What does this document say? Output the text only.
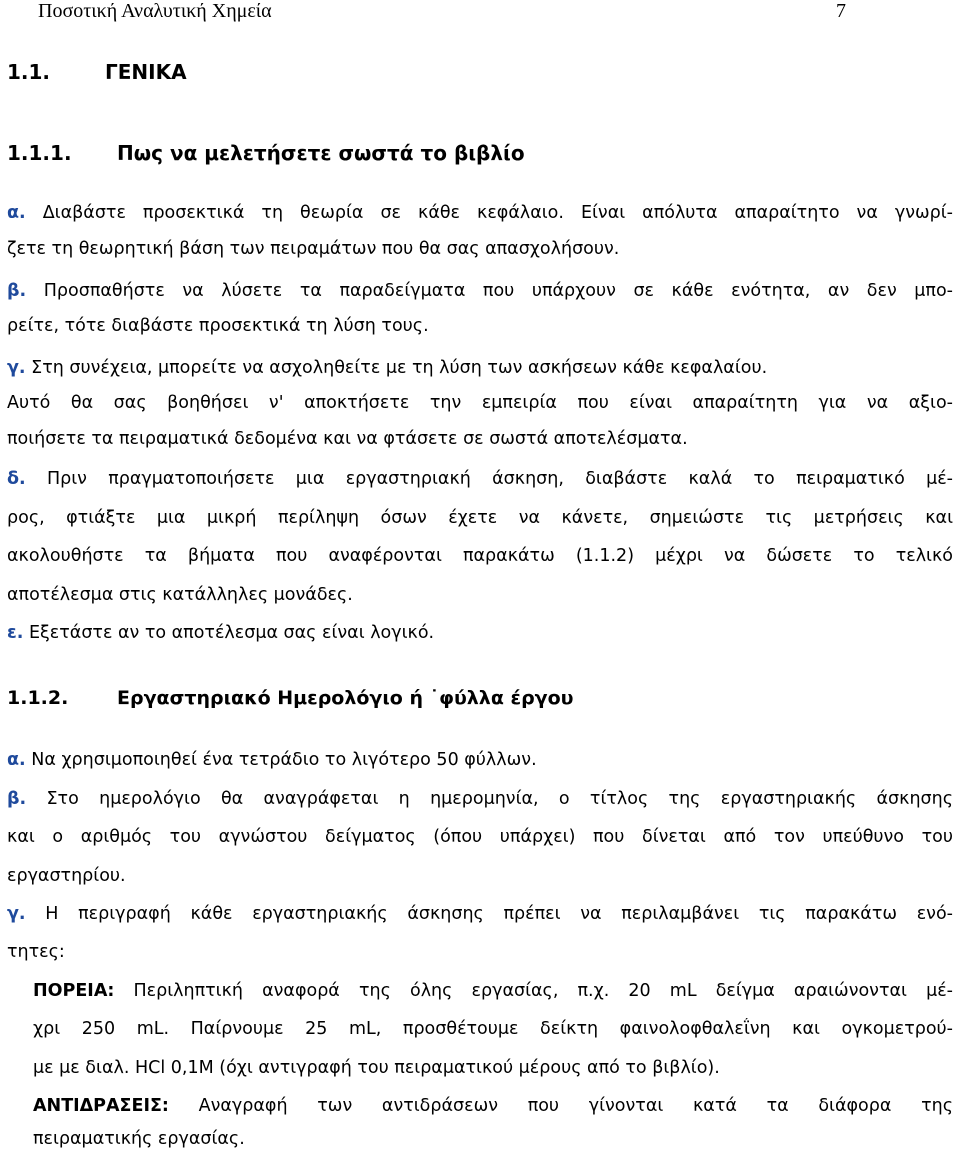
Ποσοτική Αναλυτική Χημεία	7
1.1.	ΓΕΝΙΚΑ
1.1.1. Πως να μελετήσετε σωστά το βιβλίο
α. Διαβάστε προσεκτικά τη θεωρία σε κάθε κεφάλαιο. Είναι απόλυτα απαραίτητο να γνωρί-
ζετε τη θεωρητική βάση των πειραμάτων που θα σας απασχολήσουν.
β. Προσπαθήστε να λύσετε τα παραδείγματα που υπάρχουν σε κάθε ενότητα, αν δεν μπο-
ρείτε, τότε διαβάστε προσεκτικά τη λύση τους.
γ. Στη συνέχεια, μπορείτε να ασχοληθείτε με τη λύση των ασκήσεων κάθε κεφαλαίου.
Αυτό θα σας βοηθήσει ν' αποκτήσετε την εμπειρία που είναι απαραίτητη για να αξιο-
ποιήσετε τα πειραματικά δεδομένα και να φτάσετε σε σωστά αποτελέσματα.
δ. Πριν πραγματοποιήσετε μια εργαστηριακή άσκηση, διαβάστε καλά το πειραματικό μέ-
ρος, φτιάξτε μια μικρή περίληψη όσων έχετε να κάνετε, σημειώστε τις μετρήσεις και
ακολουθήστε τα βήματα που αναφέρονται παρακάτω (1.1.2) μέχρι να δώσετε το τελικό
αποτέλεσμα στις κατάλληλες μονάδες.
ε. Εξετάστε αν το αποτέλεσμα σας είναι λογικό.
1.1.2.	Εργαστηριακό Ημερολόγιο ή ˙φύλλα έργου
α. Να χρησιμοποιηθεί ένα τετράδιο το λιγότερο 50 φύλλων.
β. Στο ημερολόγιο θα αναγράφεται η ημερομηνία, ο τίτλος της εργαστηριακής άσκησης
και ο αριθμός του αγνώστου δείγματος (όπου υπάρχει) που δίνεται από τον υπεύθυνο του
εργαστηρίου.
γ. Η περιγραφή κάθε εργαστηριακής άσκησης πρέπει να περιλαμβάνει τις παρακάτω ενό-
τητες:
ΠΟΡΕΙΑ: Περιληπτική αναφορά της όλης εργασίας, π.χ. 20 mL δείγμα αραιώνονται μέ-
χρι 250 mL. Παίρνουμε 25 mL, προσθέτουμε δείκτη φαινολοφθαλεΐνη και ογκομετρού-
με με διαλ. HCl 0,1M (όχι αντιγραφή του πειραματικού μέρους από το βιβλίο).
ΑΝΤΙΔΡΑΣΕΙΣ: Αναγραφή των αντιδράσεων που γίνονται κατά τα διάφορα της
πειραματικής εργασίας.
